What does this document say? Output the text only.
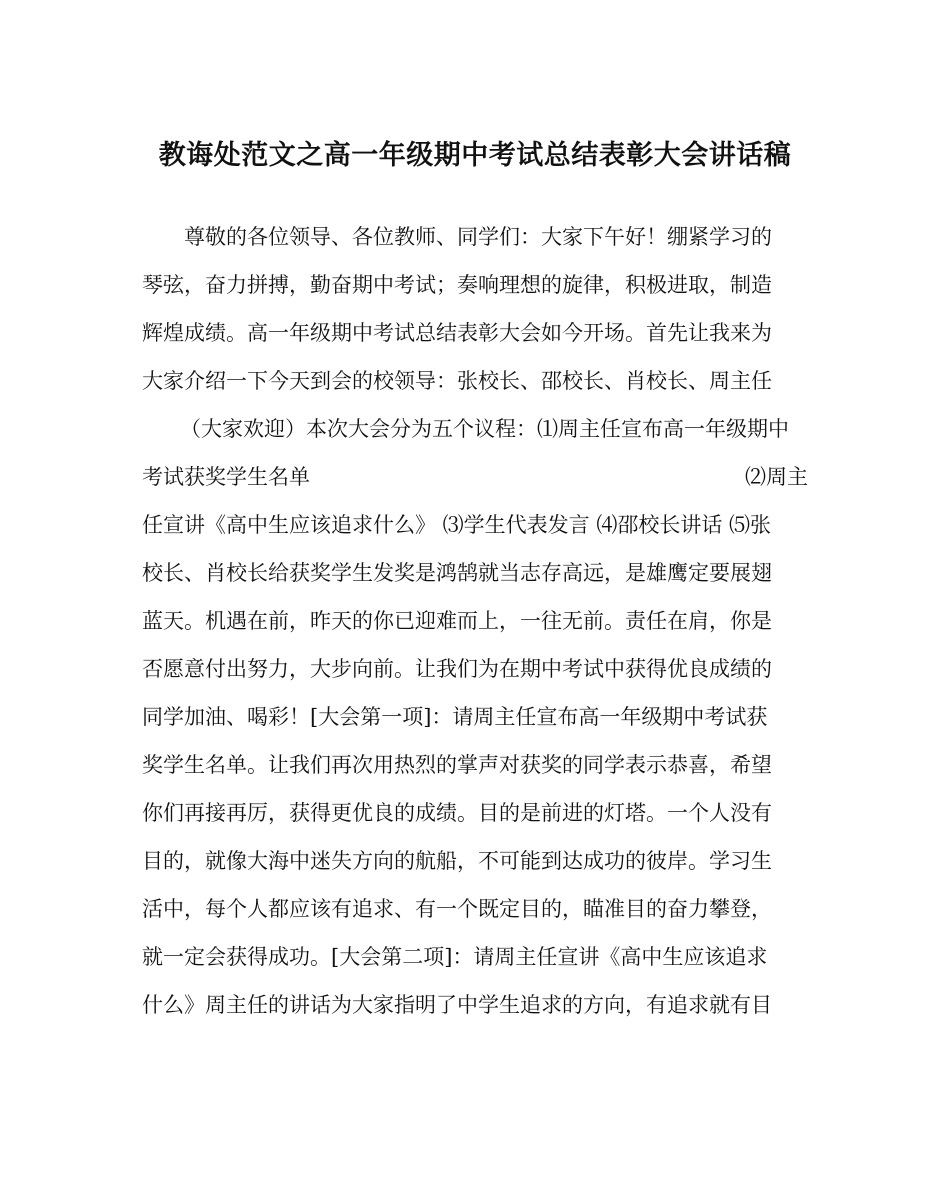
教诲处范文之高一年级期中考试总结表彰大会讲话稿

尊敬的各位领导、各位教师、同学们：大家下午好！绷紧学习的

琴弦，奋力拼搏，勤奋期中考试；奏响理想的旋律，积极进取，制造

辉煌成绩。高一年级期中考试总结表彰大会如今开场。首先让我来为

大家介绍一下今天到会的校领导：张校长、邵校长、肖校长、周主任

（大家欢迎）本次大会分为五个议程：⑴周主任宣布高一年级期中

考试获奖学生名单	⑵周主

任宣讲《高中生应该追求什么》 ⑶学生代表发言 ⑷邵校长讲话 ⑸张

校长、肖校长给获奖学生发奖是鸿鹄就当志存高远，是雄鹰定要展翅

蓝天。机遇在前，昨天的你已迎难而上，一往无前。责任在肩，你是

否愿意付出努力，大步向前。让我们为在期中考试中获得优良成绩的

同学加油、喝彩！[大会第一项]：请周主任宣布高一年级期中考试获

奖学生名单。让我们再次用热烈的掌声对获奖的同学表示恭喜，希望

你们再接再厉，获得更优良的成绩。目的是前进的灯塔。一个人没有

目的，就像大海中迷失方向的航船，不可能到达成功的彼岸。学习生

活中，每个人都应该有追求、有一个既定目的，瞄准目的奋力攀登，

就一定会获得成功。[大会第二项]：请周主任宣讲《高中生应该追求

什么》周主任的讲话为大家指明了中学生追求的方向，有追求就有目
